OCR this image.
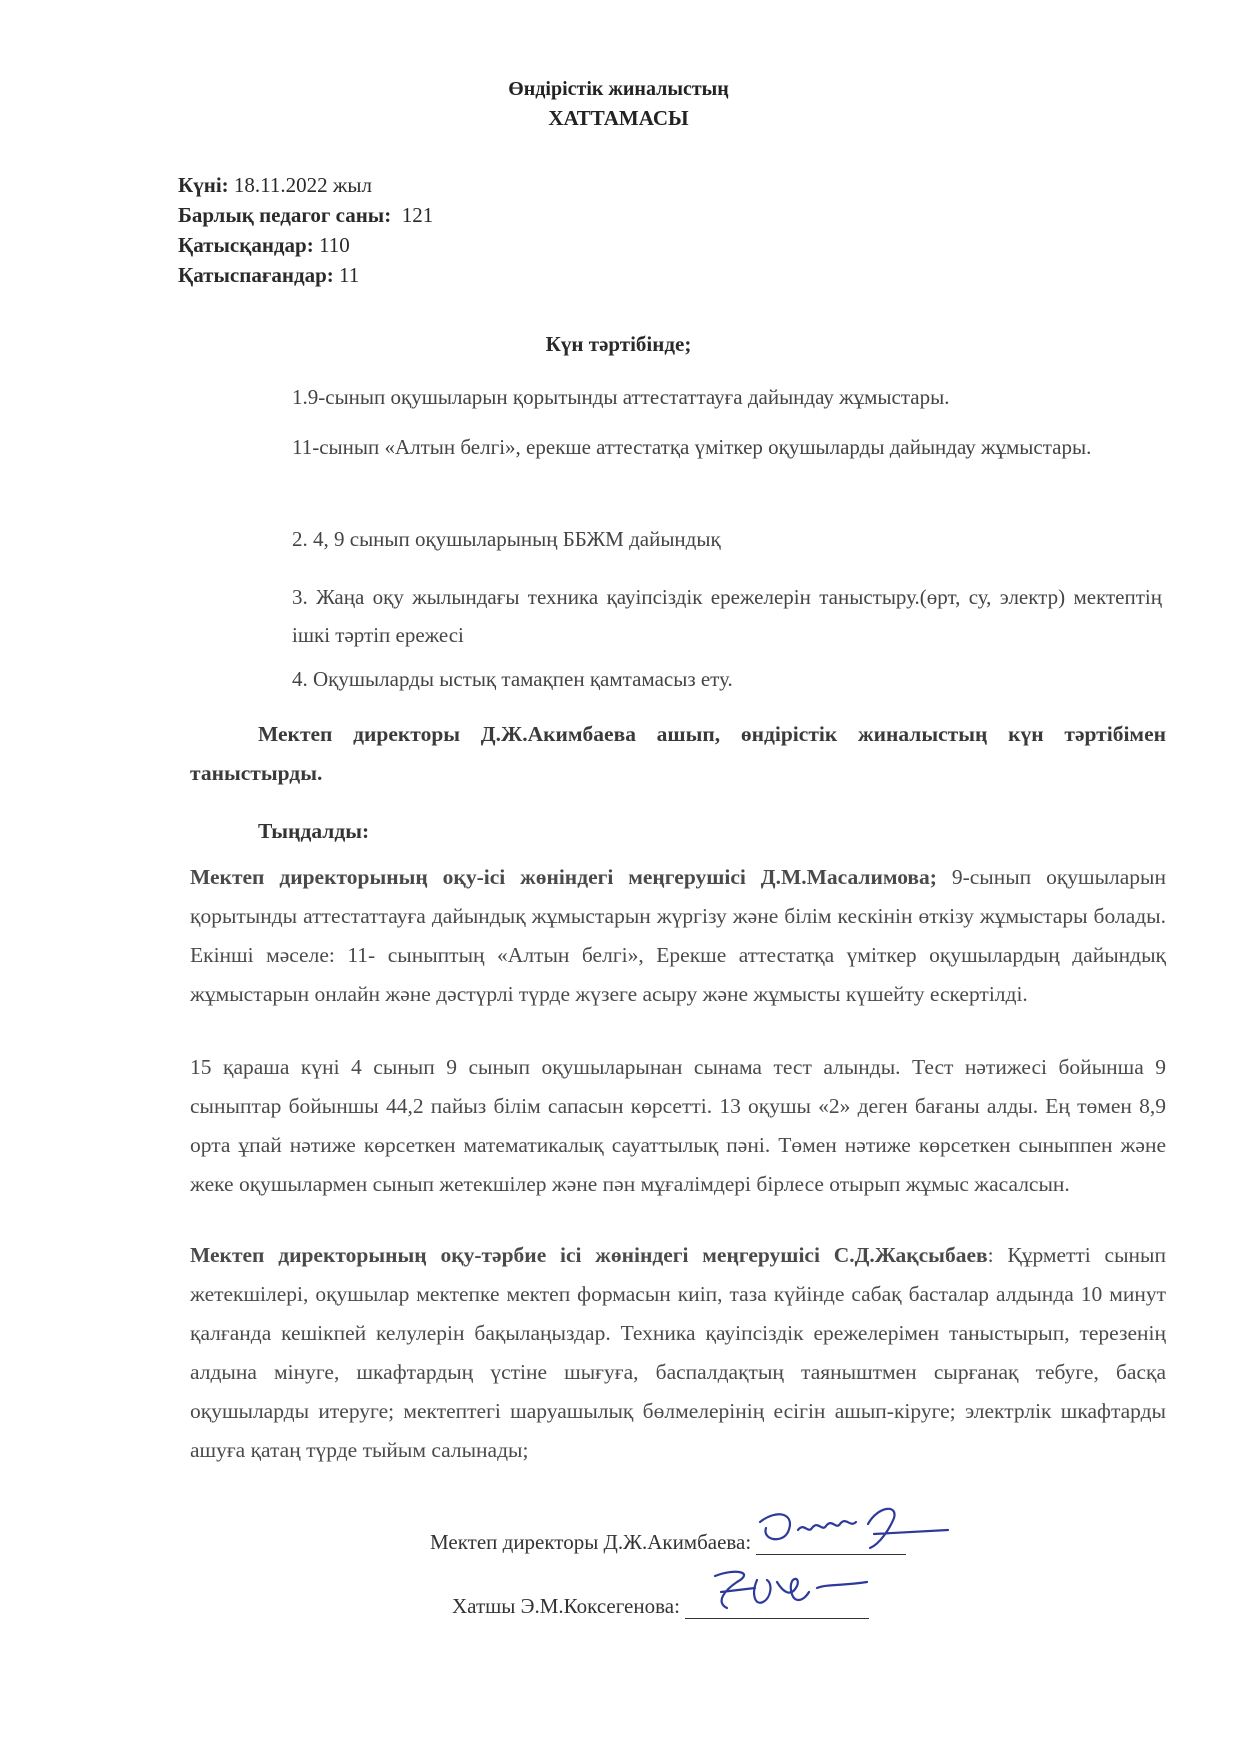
Өндірістік жиналыстың
ХАТТАМАСЫ
Күні: 18.11.2022 жыл
Барлық педагог саны: 121
Қатысқандар: 110
Қатыспағандар: 11
Күн тәртібінде;
1.9-сынып оқушыларын қорытынды аттестаттауға дайындау жұмыстары.
11-сынып «Алтын белгі», ерекше аттестатқа үміткер оқушыларды дайындау жұмыстары.
2. 4, 9 сынып оқушыларының ББЖМ дайындық
3. Жаңа оқу жылындағы техника қауіпсіздік ережелерін таныстыру.(өрт, су, электр) мектептің ішкі тәртіп ережесі
4. Оқушыларды ыстық тамақпен қамтамасыз ету.
Мектеп директоры Д.Ж.Акимбаева ашып, өндірістік жиналыстың күн тәртібімен таныстырды.
Тыңдалды:
Мектеп директорының оқу-ісі жөніндегі меңгерушісі Д.М.Масалимова; 9-сынып оқушыларын қорытынды аттестаттауға дайындық жұмыстарын жүргізу және білім кескінін өткізу жұмыстары болады. Екінші мәселе: 11- сыныптың «Алтын белгі», Ерекше аттестатқа үміткер оқушылардың дайындық жұмыстарын онлайн және дәстүрлі түрде жүзеге асыру және жұмысты күшейту ескертілді.
15 қараша күні 4 сынып 9 сынып оқушыларынан сынама тест алынды. Тест нәтижесі бойынша 9 сыныптар бойыншы 44,2 пайыз білім сапасын көрсетті. 13 оқушы «2» деген бағаны алды. Ең төмен 8,9 орта ұпай нәтиже көрсеткен математикалық сауаттылық пәні. Төмен нәтиже көрсеткен сыныппен және жеке оқушылармен сынып жетекшілер және пән мұғалімдері бірлесе отырып жұмыс жасалсын.
Мектеп директорының оқу-тәрбие ісі жөніндегі меңгерушісі С.Д.Жақсыбаев: Құрметті сынып жетекшілері, оқушылар мектепке мектеп формасын киіп, таза күйінде сабақ басталар алдында 10 минут қалғанда кешікпей келулерін бақылаңыздар. Техника қауіпсіздік ережелерімен таныстырып, терезенің алдына мінуге, шкафтардың үстіне шығуға, баспалдақтың таяныштмен сырғанақ тебуге, басқа оқушыларды итеруге; мектептегі шаруашылық бөлмелерінің есігін ашып-кіруге; электрлік шкафтарды ашуға қатаң түрде тыйым салынады;
Мектеп директоры Д.Ж.Акимбаева:
Хатшы Э.М.Коксегенова:
